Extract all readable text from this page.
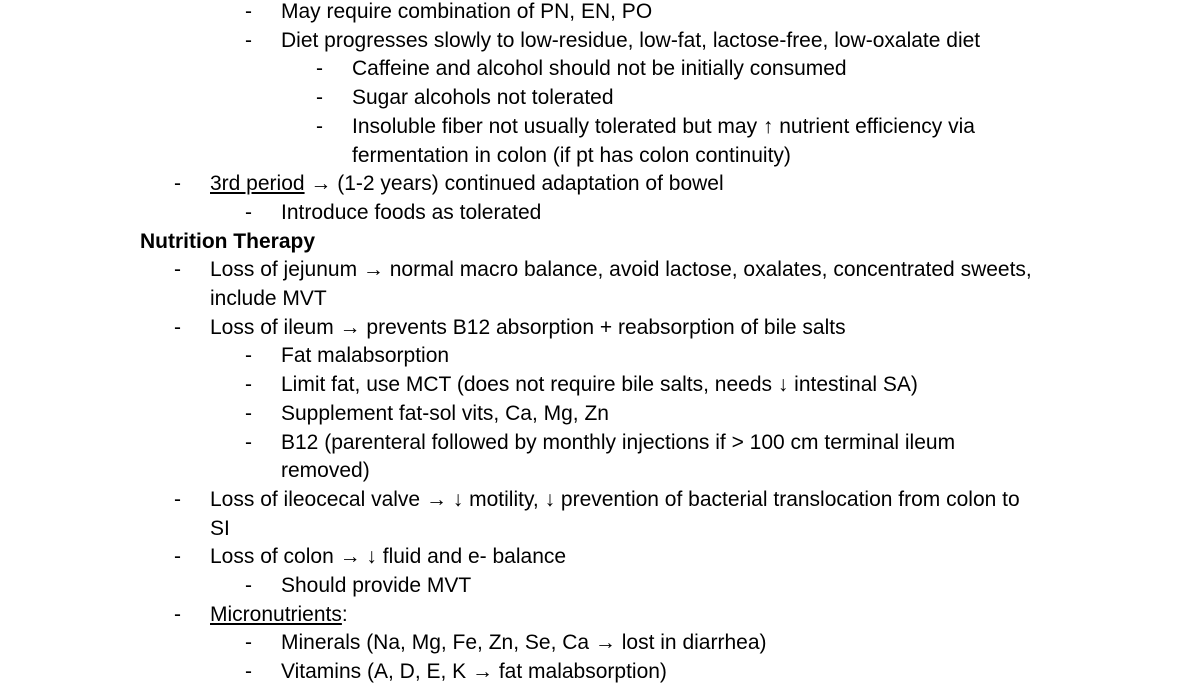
- May require combination of PN, EN, PO
- Diet progresses slowly to low-residue, low-fat, lactose-free, low-oxalate diet
- Caffeine and alcohol should not be initially consumed
- Sugar alcohols not tolerated
- Insoluble fiber not usually tolerated but may ↑ nutrient efficiency via
fermentation in colon (if pt has colon continuity)
- 3rd period → (1-2 years) continued adaptation of bowel
- Introduce foods as tolerated
Nutrition Therapy
- Loss of jejunum → normal macro balance, avoid lactose, oxalates, concentrated sweets,
include MVT
- Loss of ileum → prevents B12 absorption + reabsorption of bile salts
- Fat malabsorption
- Limit fat, use MCT (does not require bile salts, needs ↓ intestinal SA)
- Supplement fat-sol vits, Ca, Mg, Zn
- B12 (parenteral followed by monthly injections if > 100 cm terminal ileum
removed)
- Loss of ileocecal valve → ↓ motility, ↓ prevention of bacterial translocation from colon to
SI
- Loss of colon → ↓ fluid and e- balance
- Should provide MVT
- Micronutrients:
- Minerals (Na, Mg, Fe, Zn, Se, Ca → lost in diarrhea)
- Vitamins (A, D, E, K → fat malabsorption)
